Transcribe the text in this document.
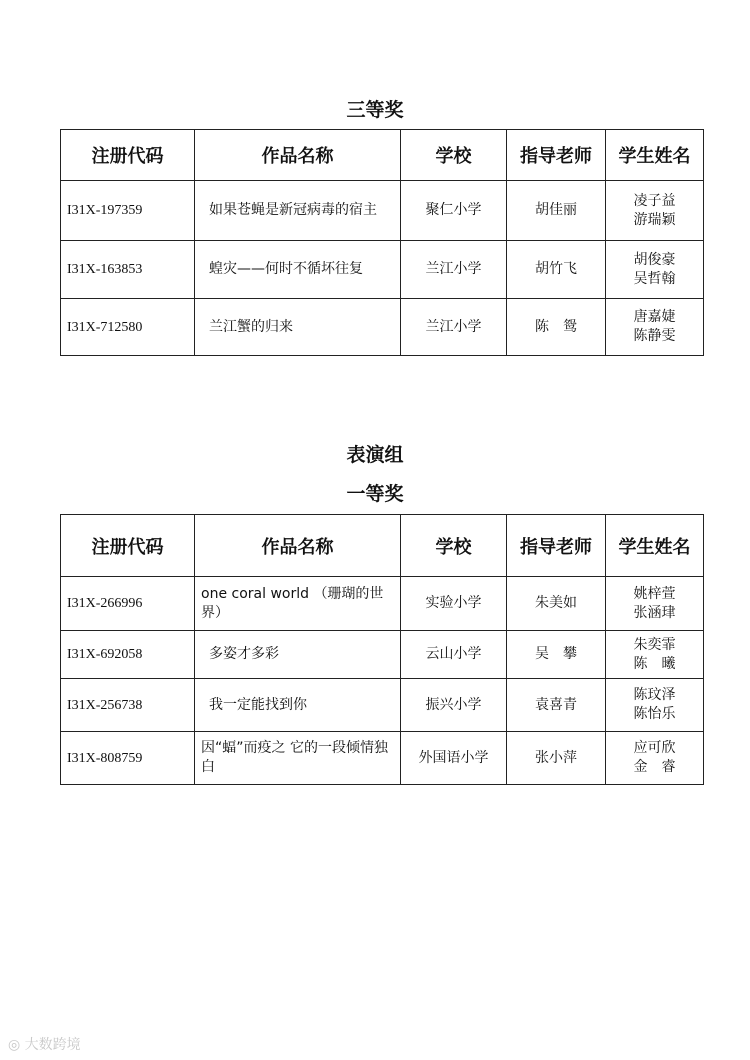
三等奖
注册代码	作品名称	学校	指导老师	学生姓名
I31X-197359	如果苍蝇是新冠病毒的宿主	聚仁小学	胡佳丽	凌子益
游瑞颖
I31X-163853	蝗灾——何时不循坏往复	兰江小学	胡竹飞	胡俊豪
吴哲翰
I31X-712580	兰江蟹的归来	兰江小学	陈　鸳	唐嘉婕
陈静雯
表演组
一等奖
注册代码	作品名称	学校	指导老师	学生姓名
I31X-266996	one coral world （珊瑚的世界）	实验小学	朱美如	姚梓萱
张涵珒
I31X-692058	多姿才多彩	云山小学	吴　攀	朱奕霏
陈　曦
I31X-256738	我一定能找到你	振兴小学	袁喜青	陈玟泽
陈怡乐
I31X-808759	因“蝠”而疫之 它的一段倾情独白	外国语小学	张小萍	应可欣
金　睿
◎ 大数跨境
